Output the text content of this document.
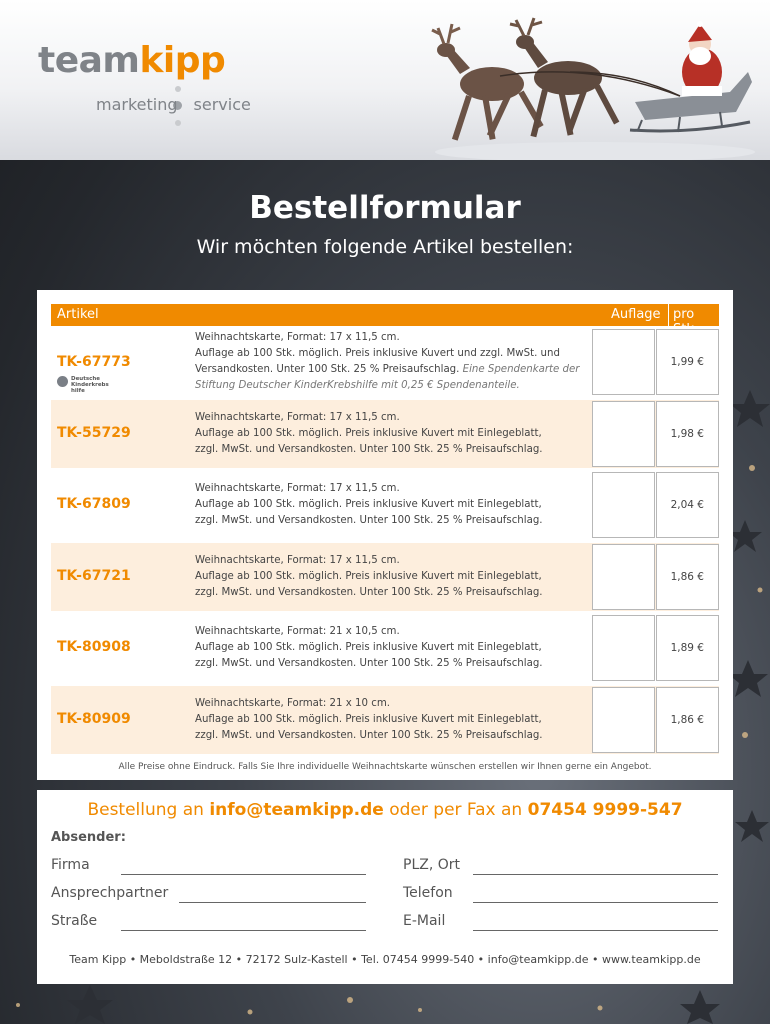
teamkipp
marketing service
Bestellformular
Wir möchten folgende Artikel bestellen:
Artikel	Auflage pro
TK-67773
Deutsche Kinderkrebs
hilfe
Weihnachtskarte, Format: 17 x 11,5 cm.
Auflage ab 100 Stk. möglich. Preis inklusive Kuvert und zzgl. MwSt. und
Versandkosten. Unter 100 Stk. 25 % Preisaufschlag. Eine Spendenkarte der
Stiftung Deutscher KinderKrebshilfe mit 0,25 € Spendenanteile.
1,99 €
TK-55729
Weihnachtskarte, Format: 17 x 11,5 cm.
Auflage ab 100 Stk. möglich. Preis inklusive Kuvert mit Einlegeblatt,
zzgl. MwSt. und Versandkosten. Unter 100 Stk. 25 % Preisaufschlag.
1,98 €
TK-67809
Weihnachtskarte, Format: 17 x 11,5 cm.
Auflage ab 100 Stk. möglich. Preis inklusive Kuvert mit Einlegeblatt,
zzgl. MwSt. und Versandkosten. Unter 100 Stk. 25 % Preisaufschlag.
2,04 €
TK-67721
Weihnachtskarte, Format: 17 x 11,5 cm.
Auflage ab 100 Stk. möglich. Preis inklusive Kuvert mit Einlegeblatt,
zzgl. MwSt. und Versandkosten. Unter 100 Stk. 25 % Preisaufschlag.
1,86 €
TK-80908
Weihnachtskarte, Format: 21 x 10,5 cm.
Auflage ab 100 Stk. möglich. Preis inklusive Kuvert mit Einlegeblatt,
zzgl. MwSt. und Versandkosten. Unter 100 Stk. 25 % Preisaufschlag.
1,89 €
TK-80909
Weihnachtskarte, Format: 21 x 10 cm.
Auflage ab 100 Stk. möglich. Preis inklusive Kuvert mit Einlegeblatt,
zzgl. MwSt. und Versandkosten. Unter 100 Stk. 25 % Preisaufschlag.
1,86 €
Alle Preise ohne Eindruck. Falls Sie Ihre individuelle Weihnachtskarte wünschen erstellen wir Ihnen gerne ein Angebot.
Bestellung an info@teamkipp.de oder per Fax an 07454 9999-547
Absender:
Firma
Ansprechpartner
Straße
PLZ, Ort
Telefon
E-Mail
Team Kipp • Meboldstraße 12 • 72172 Sulz-Kastell • Tel. 07454 9999-540 • info@teamkipp.de • www.teamkipp.de
